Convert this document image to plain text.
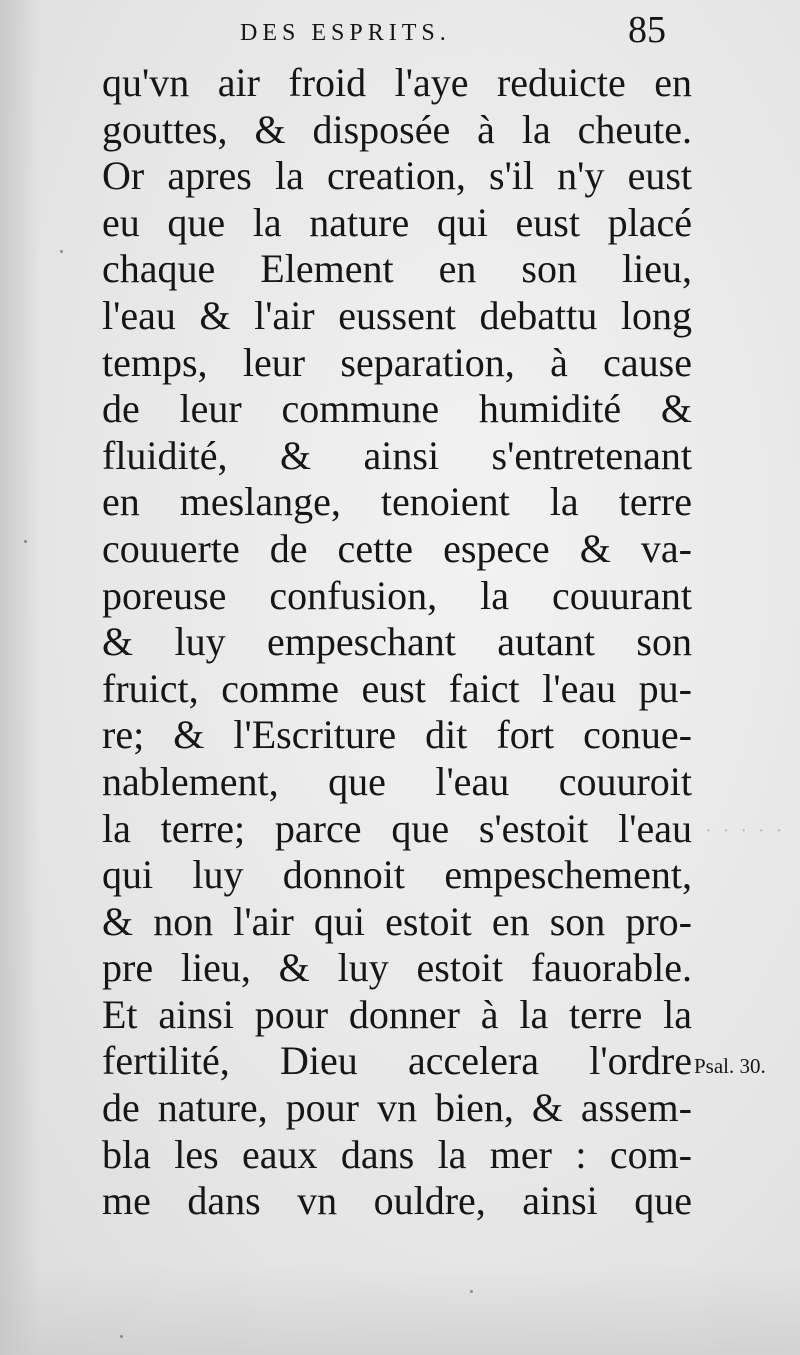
DES ESPRITS.	85
qu'vn air froid l'aye reduicte en
gouttes, & disposée à la cheute.
Or apres la creation, s'il n'y eust
eu que la nature qui eust placé
chaque Element en son lieu,
l'eau & l'air eussent debattu long
temps, leur separation, à cause
de leur commune humidité &
fluidité, & ainsi s'entretenant
en meslange, tenoient la terre
couuerte de cette espece & va-
poreuse confusion, la couurant
& luy empeschant autant son
fruict, comme eust faict l'eau pu-
re; & l'Escriture dit fort conue-
nablement, que l'eau couuroit
la terre; parce que s'estoit l'eau
qui luy donnoit empeschement,
& non l'air qui estoit en son pro-
pre lieu, & luy estoit fauorable.
Et ainsi pour donner à la terre la
fertilité, Dieu accelera l'ordre
de nature, pour vn bien, & assem-
bla les eaux dans la mer : com-
me dans vn ouldre, ainsi que
Psal. 30.
· · · · ·
